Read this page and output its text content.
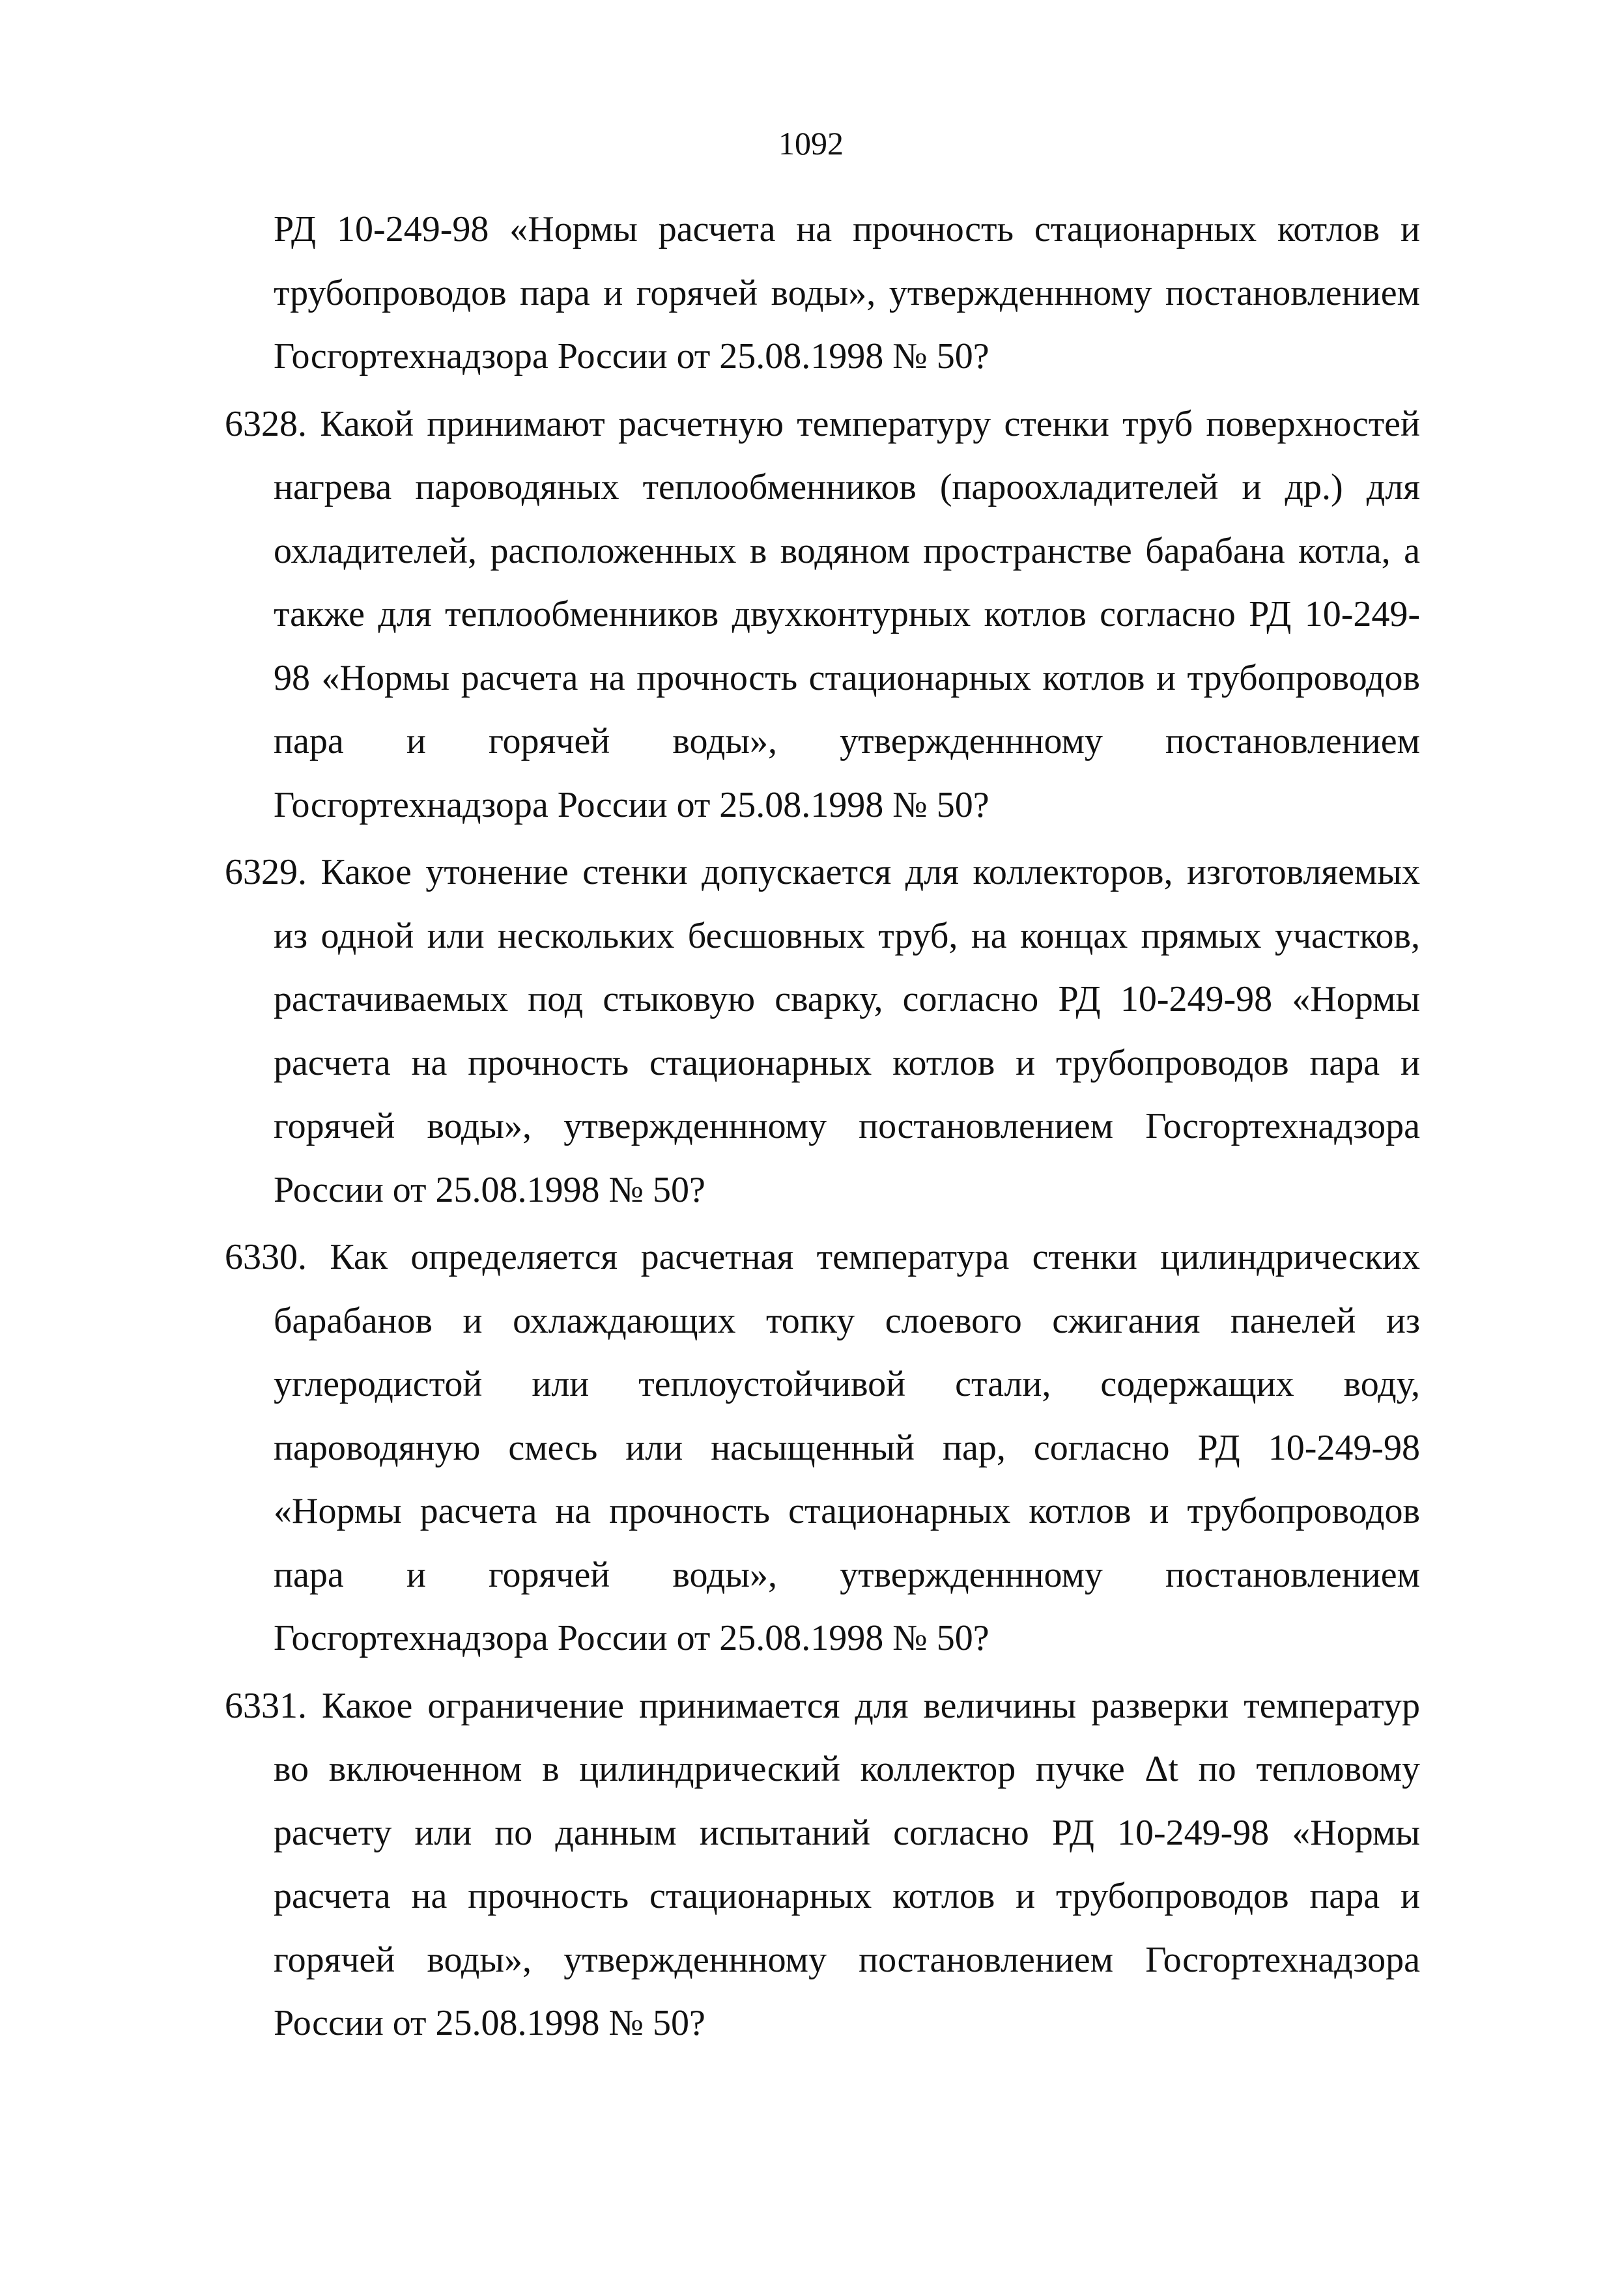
1092
РД 10-249-98 «Нормы расчета на прочность стационарных котлов и трубопроводов пара и горячей воды», утвержденнному постановлением Госгортехнадзора России от 25.08.1998 № 50?
6328. Какой принимают расчетную температуру стенки труб поверхностей нагрева пароводяных теплообменников (пароохладителей и др.) для охладителей, расположенных в водяном пространстве барабана котла, а также для теплообменников двухконтурных котлов согласно РД 10-249-98 «Нормы расчета на прочность стационарных котлов и трубопроводов пара и горячей воды», утвержденнному постановлением Госгортехнадзора России от 25.08.1998 № 50?
6329. Какое утонение стенки допускается для коллекторов, изготовляемых из одной или нескольких бесшовных труб, на концах прямых участков, растачиваемых под стыковую сварку, согласно РД 10-249-98 «Нормы расчета на прочность стационарных котлов и трубопроводов пара и горячей воды», утвержденнному постановлением Госгортехнадзора России от 25.08.1998 № 50?
6330. Как определяется расчетная температура стенки цилиндрических барабанов и охлаждающих топку слоевого сжигания панелей из углеродистой или теплоустойчивой стали, содержащих воду, пароводяную смесь или насыщенный пар, согласно РД 10-249-98 «Нормы расчета на прочность стационарных котлов и трубопроводов пара и горячей воды», утвержденнному постановлением Госгортехнадзора России от 25.08.1998 № 50?
6331. Какое ограничение принимается для величины разверки температур во включенном в цилиндрический коллектор пучке Δt по тепловому расчету или по данным испытаний согласно РД 10-249-98 «Нормы расчета на прочность стационарных котлов и трубопроводов пара и горячей воды», утвержденнному постановлением Госгортехнадзора России от 25.08.1998 № 50?
